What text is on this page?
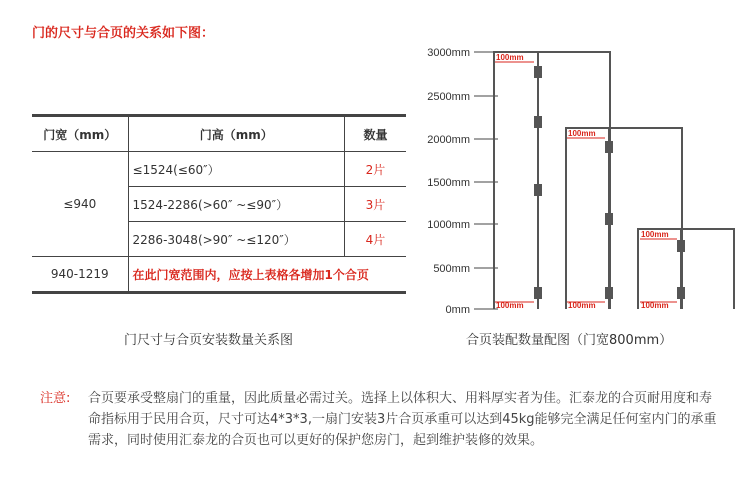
门的尺寸与合页的关系如下图：
门宽（mm）	门高（mm）	数量
≤940	≤1524(≤60″）	2片
	1524-2286(>60″ ~≤90″）	3片
	2286-3048(>90″ ~≤120″）	4片
940-1219	在此门宽范围内，应按上表格各增加1个合页	
门尺寸与合页安装数量关系图
3000mm
2500mm
2000mm
1500mm
1000mm
500mm
0mm
100mm
100mm
100mm
100mm	100mm	100mm
合页装配数量配图（门宽800mm）
注意: 合页要承受整扇门的重量，因此质量必需过关。选择上以体积大、用料厚实者为佳。汇泰龙的合页耐用度和寿命指标用于民用合页，尺寸可达4*3*3,一扇门安装3片合页承重可以达到45kg能够完全满足任何室内门的承重需求，同时使用汇泰龙的合页也可以更好的保护您房门，起到维护装修的效果。
